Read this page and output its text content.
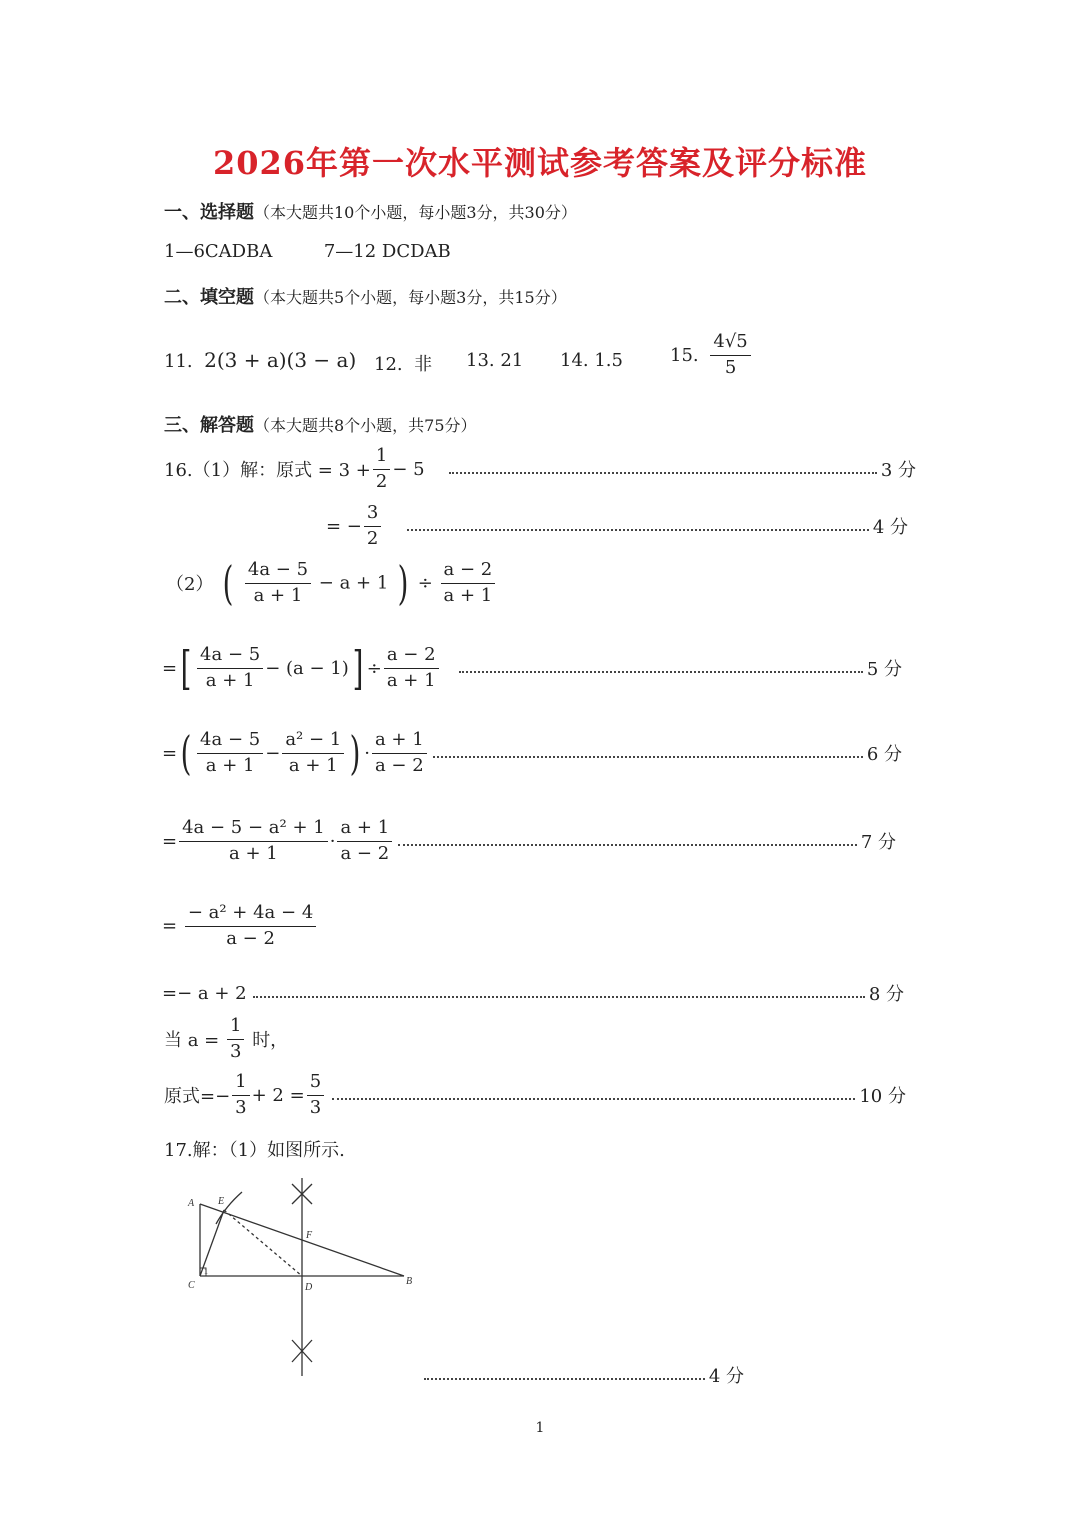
2026年第一次水平测试参考答案及评分标准
一、选择题（本大题共10个小题，每小题3分，共30分）
1—6CADBA	7—12 DCDAB
二、填空题（本大题共5个小题，每小题3分，共15分）
11. 2(3 + a)(3 − a) 12. 非 13. 21 14. 1.5	15. $\frac{4√5}{5}$
三、解答题（本大题共8个小题，共75分）
16.（1）解：原式 = $3 + \frac{1}{2} - 5$	3 分
= − $\frac{3}{2}$	4 分
（2） ( $\frac{4a - 5}{a + 1} - a + 1$ ) ÷ $\frac{a - 2}{a + 1}$
= [ $\frac{4a - 5}{a + 1} - (a - 1)$ ] ÷ $\frac{a - 2}{a + 1}$	5 分
= ( $\frac{4a - 5}{a + 1} - \frac{\text{a² − 1}}{a + 1}$ ) · $\frac{a + 1}{a - 2}$	6 分
= $\frac{\text{4a − 5 − a² + 1}}{a + 1} \cdot \frac{a + 1}{a - 2}$	7 分
= $\frac{\text{− a² + 4a − 4}}{a - 2}$
=− a + 2	8 分
当 $a = \frac{1}{3}$ 时，
原式=− $\frac{1}{3} + 2 = \frac{5}{3}$	10 分
17.解：（1）如图所示.
A E
F
C	D
B
1
4 分
1
